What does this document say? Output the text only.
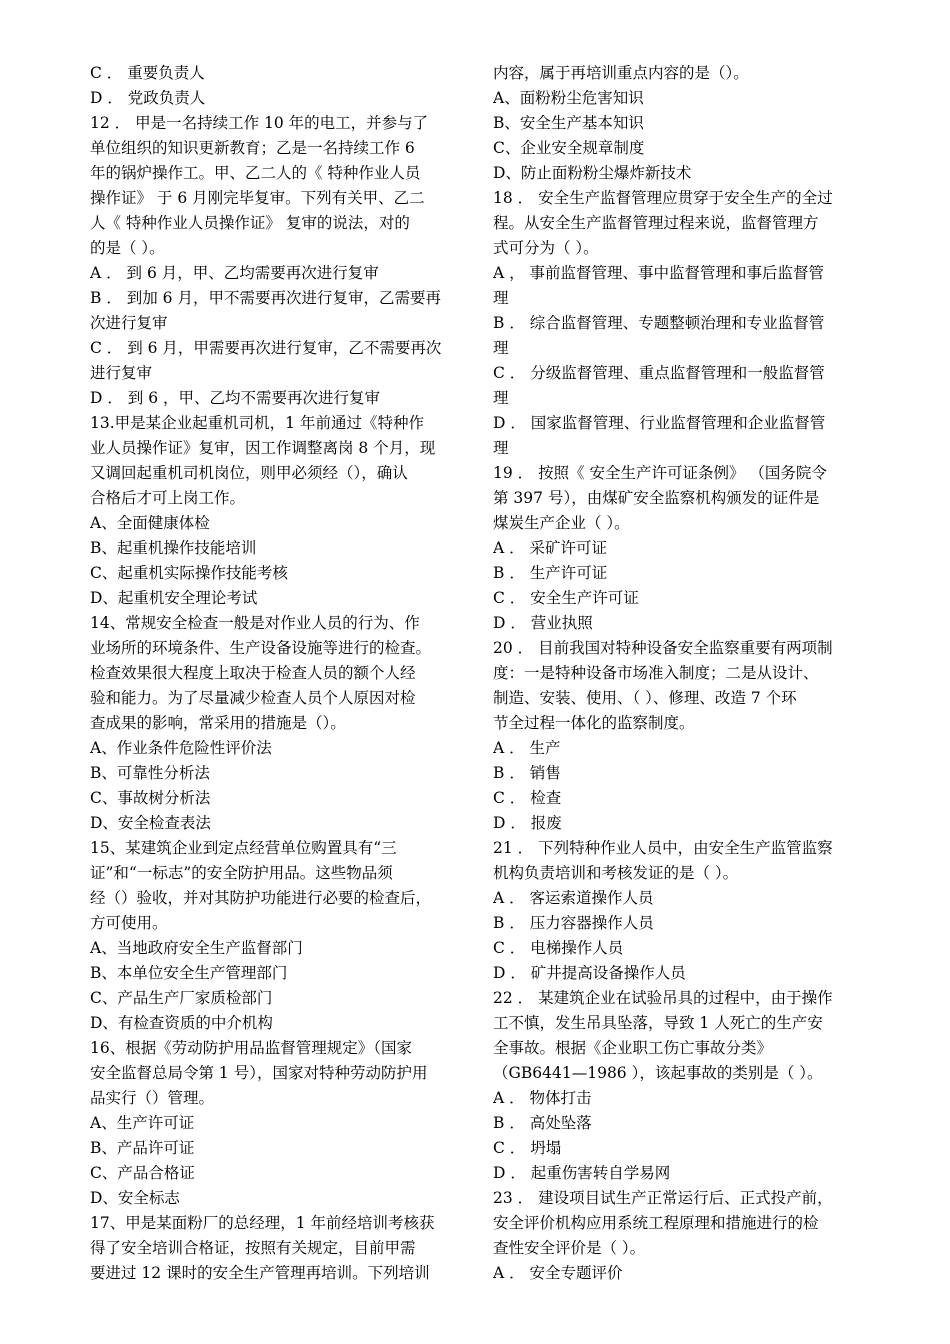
C ． 重要负责人
D ． 党政负责人
12 ． 甲是一名持续工作 10 年的电工，并参与了
单位组织的知识更新教育；乙是一名持续工作 6
年的锅炉操作工。甲、乙二人的《 特种作业人员
操作证》 于 6 月刚完毕复审。下列有关甲、乙二
人《 特种作业人员操作证》 复审的说法，对的
的是（ ）。
A ． 到 6 月，甲、乙均需要再次进行复审
B ． 到加 6 月，甲不需要再次进行复审，乙需要再
次进行复审
C ． 到 6 月，甲需要再次进行复审，乙不需要再次
进行复审
D ． 到 6 ，甲、乙均不需要再次进行复审
13.甲是某企业起重机司机，1 年前通过《特种作
业人员操作证》复审，因工作调整离岗 8 个月，现
又调回起重机司机岗位，则甲必须经（），确认
合格后才可上岗工作。
A、全面健康体检
B、起重机操作技能培训
C、起重机实际操作技能考核
D、起重机安全理论考试
14、常规安全检查一般是对作业人员的行为、作
业场所的环境条件、生产设备设施等进行的检查。
检查效果很大程度上取决于检查人员的额个人经
验和能力。为了尽量减少检查人员个人原因对检
查成果的影响，常采用的措施是（）。
A、作业条件危险性评价法
B、可靠性分析法
C、事故树分析法
D、安全检查表法
15、某建筑企业到定点经营单位购置具有“三
证”和“一标志”的安全防护用品。这些物品须
经（）验收，并对其防护功能进行必要的检查后，
方可使用。
A、当地政府安全生产监督部门
B、本单位安全生产管理部门
C、产品生产厂家质检部门
D、有检查资质的中介机构
16、根据《劳动防护用品监督管理规定》（国家
安全监督总局令第 1 号），国家对特种劳动防护用
品实行（）管理。
A、生产许可证
B、产品许可证
C、产品合格证
D、安全标志
17、甲是某面粉厂的总经理，1 年前经培训考核获
得了安全培训合格证，按照有关规定，目前甲需
要进过 12 课时的安全生产管理再培训。下列培训
内容，属于再培训重点内容的是（）。
A、面粉粉尘危害知识
B、安全生产基本知识
C、企业安全规章制度
D、防止面粉粉尘爆炸新技术
18 ． 安全生产监督管理应贯穿于安全生产的全过
程。从安全生产监督管理过程来说，监督管理方
式可分为（ ）。
A ， 事前监督管理、事中监督管理和事后监督管
理
B ． 综合监督管理、专题整顿治理和专业监督管
理
C ． 分级监督管理、重点监督管理和一般监督管
理
D ． 国家监督管理、行业监督管理和企业监督管
理
19 ． 按照《 安全生产许可证条例》 （国务院令
第 397 号），由煤矿安全监察机构颁发的证件是
煤炭生产企业（ ）。
A ． 采矿许可证
B ． 生产许可证
C ． 安全生产许可证
D ． 营业执照
20 ． 目前我国对特种设备安全监察重要有两项制
度：一是特种设备市场准入制度；二是从设计、
制造、安装、使用、（ ）、修理、改造 7 个环
节全过程一体化的监察制度。
A ． 生产
B ． 销售
C ． 检查
D ． 报废
21 ． 下列特种作业人员中，由安全生产监管监察
机构负责培训和考核发证的是（ ）。
A ． 客运索道操作人员
B ． 压力容器操作人员
C ． 电梯操作人员
D ． 矿井提高设备操作人员
22 ． 某建筑企业在试验吊具的过程中，由于操作
工不慎，发生吊具坠落，导致 1 人死亡的生产安
全事故。根据《企业职工伤亡事故分类》
（GB6441—1986 ），该起事故的类别是（ ）。
A ． 物体打击
B ． 高处坠落
C ． 坍塌
D ． 起重伤害转自学易网
23 ． 建设项目试生产正常运行后、正式投产前，
安全评价机构应用系统工程原理和措施进行的检
查性安全评价是（ ）。
A ． 安全专题评价
